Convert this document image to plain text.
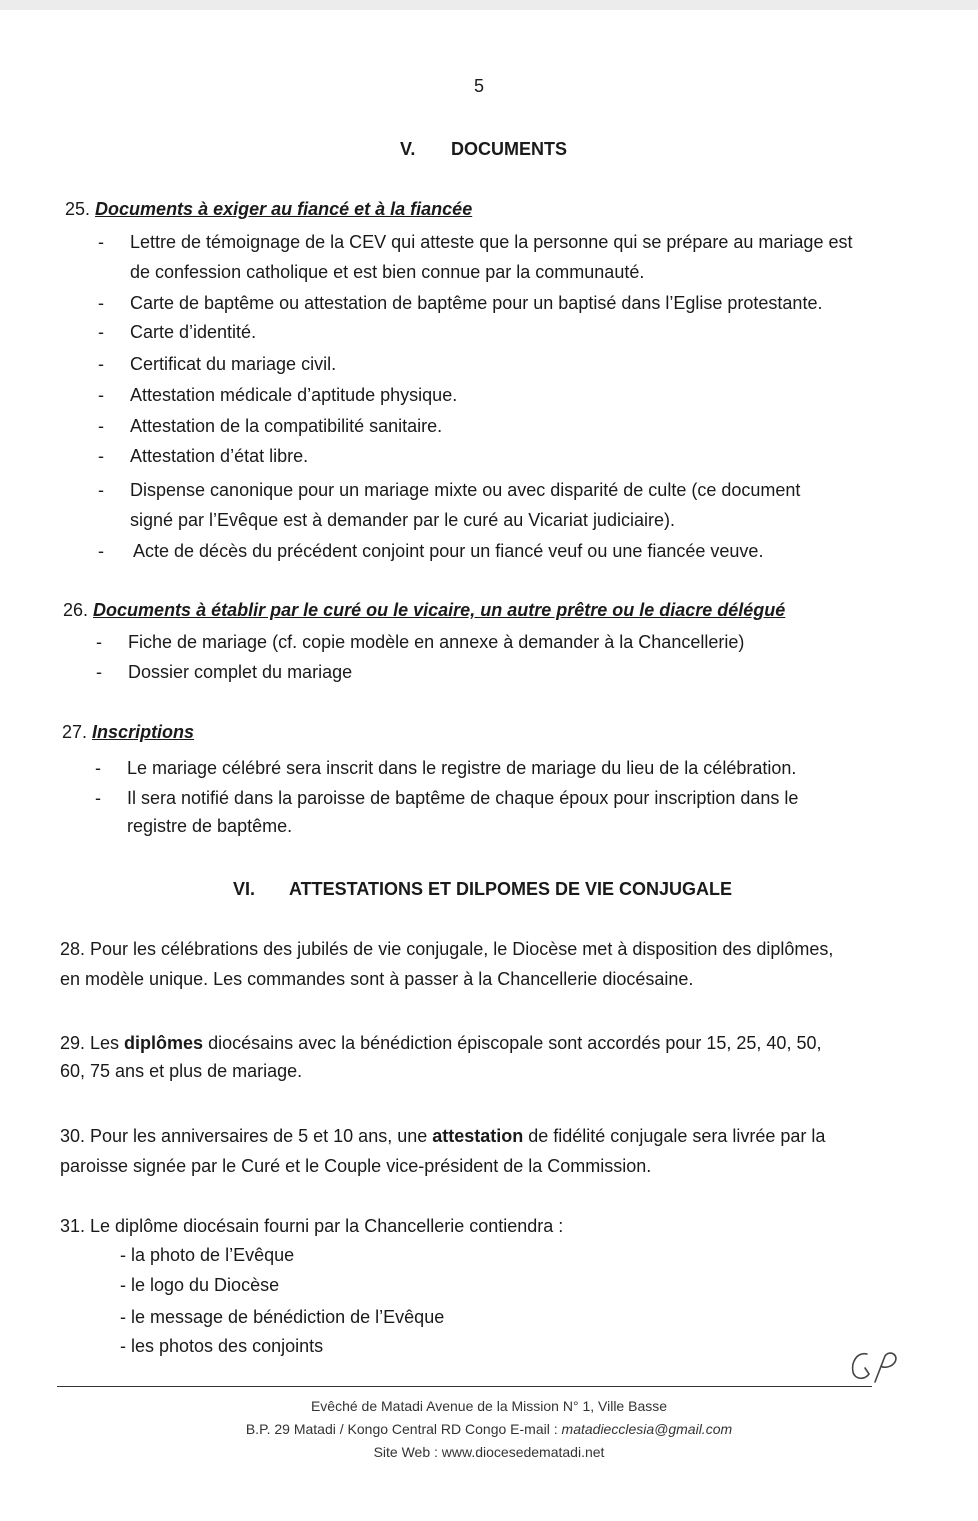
5
V. DOCUMENTS
25. Documents à exiger au fiancé et à la fiancée
- Lettre de témoignage de la CEV qui atteste que la personne qui se prépare au mariage est
de confession catholique et est bien connue par la communauté.
- Carte de baptême ou attestation de baptême pour un baptisé dans l’Eglise protestante.
- Carte d’identité.
- Certificat du mariage civil.
- Attestation médicale d’aptitude physique.
- Attestation de la compatibilité sanitaire.
- Attestation d’état libre.
- Dispense canonique pour un mariage mixte ou avec disparité de culte (ce document
signé par l’Evêque est à demander par le curé au Vicariat judiciaire).
- Acte de décès du précédent conjoint pour un fiancé veuf ou une fiancée veuve.
26. Documents à établir par le curé ou le vicaire, un autre prêtre ou le diacre délégué
- Fiche de mariage (cf. copie modèle en annexe à demander à la Chancellerie)
- Dossier complet du mariage
27. Inscriptions
- Le mariage célébré sera inscrit dans le registre de mariage du lieu de la célébration.
- Il sera notifié dans la paroisse de baptême de chaque époux pour inscription dans le
registre de baptême.
VI. ATTESTATIONS ET DILPOMES DE VIE CONJUGALE
28. Pour les célébrations des jubilés de vie conjugale, le Diocèse met à disposition des diplômes,
en modèle unique. Les commandes sont à passer à la Chancellerie diocésaine.
29. Les diplômes diocésains avec la bénédiction épiscopale sont accordés pour 15, 25, 40, 50,
60, 75 ans et plus de mariage.
30. Pour les anniversaires de 5 et 10 ans, une attestation de fidélité conjugale sera livrée par la
paroisse signée par le Curé et le Couple vice-président de la Commission.
31. Le diplôme diocésain fourni par la Chancellerie contiendra :
- la photo de l’Evêque
- le logo du Diocèse
- le message de bénédiction de l’Evêque
- les photos des conjoints
Evêché de Matadi Avenue de la Mission N° 1, Ville Basse
B.P. 29 Matadi / Kongo Central RD Congo E-mail : matadiecclesia@gmail.com
Site Web : www.diocesedematadi.net
